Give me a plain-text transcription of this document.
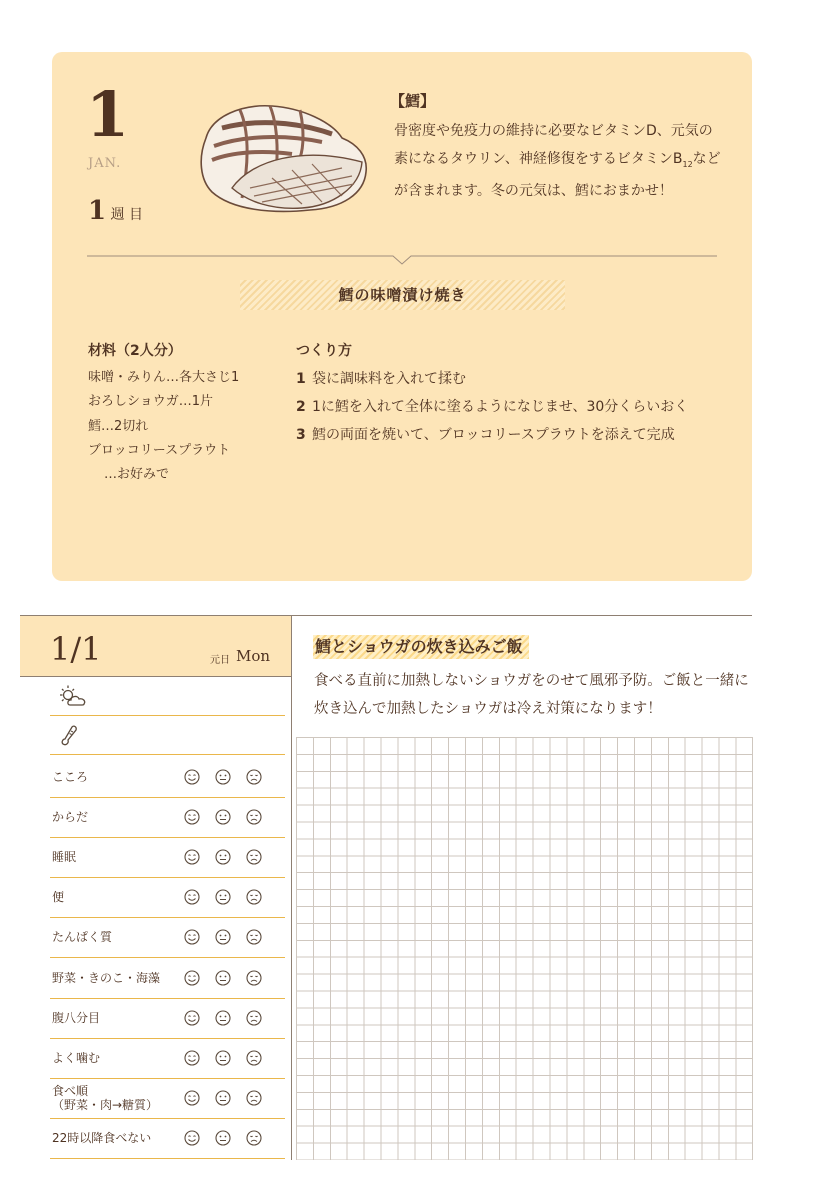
1
JAN.
1 週 目
【鱈】
骨密度や免疫力の維持に必要なビタミンD、元気の素になるタウリン、神経修復をするビタミン$B_{12}$などが含まれます。冬の元気は、鱈におまかせ！
鱈の味噌漬け焼き
材料（2人分）
味噌・みりん…各大さじ1
おろしショウガ…1片
鱈…2切れ
ブロッコリースプラウト
…お好みで
つくり方
1 袋に調味料を入れて揉む
2 1に鱈を入れて全体に塗るようになじませ、30分くらいおく
3 鱈の両面を焼いて、ブロッコリースプラウトを添えて完成
1/1	元日 Mon
こころ
からだ
睡眠
便
たんぱく質
野菜・きのこ・海藻
腹八分目
よく噛む
食べ順
（野菜・肉→糖質）
22時以降食べない
鱈とショウガの炊き込みご飯
食べる直前に加熱しないショウガをのせて風邪予防。ご飯と一緒に炊き込んで加熱したショウガは冷え対策になります！
